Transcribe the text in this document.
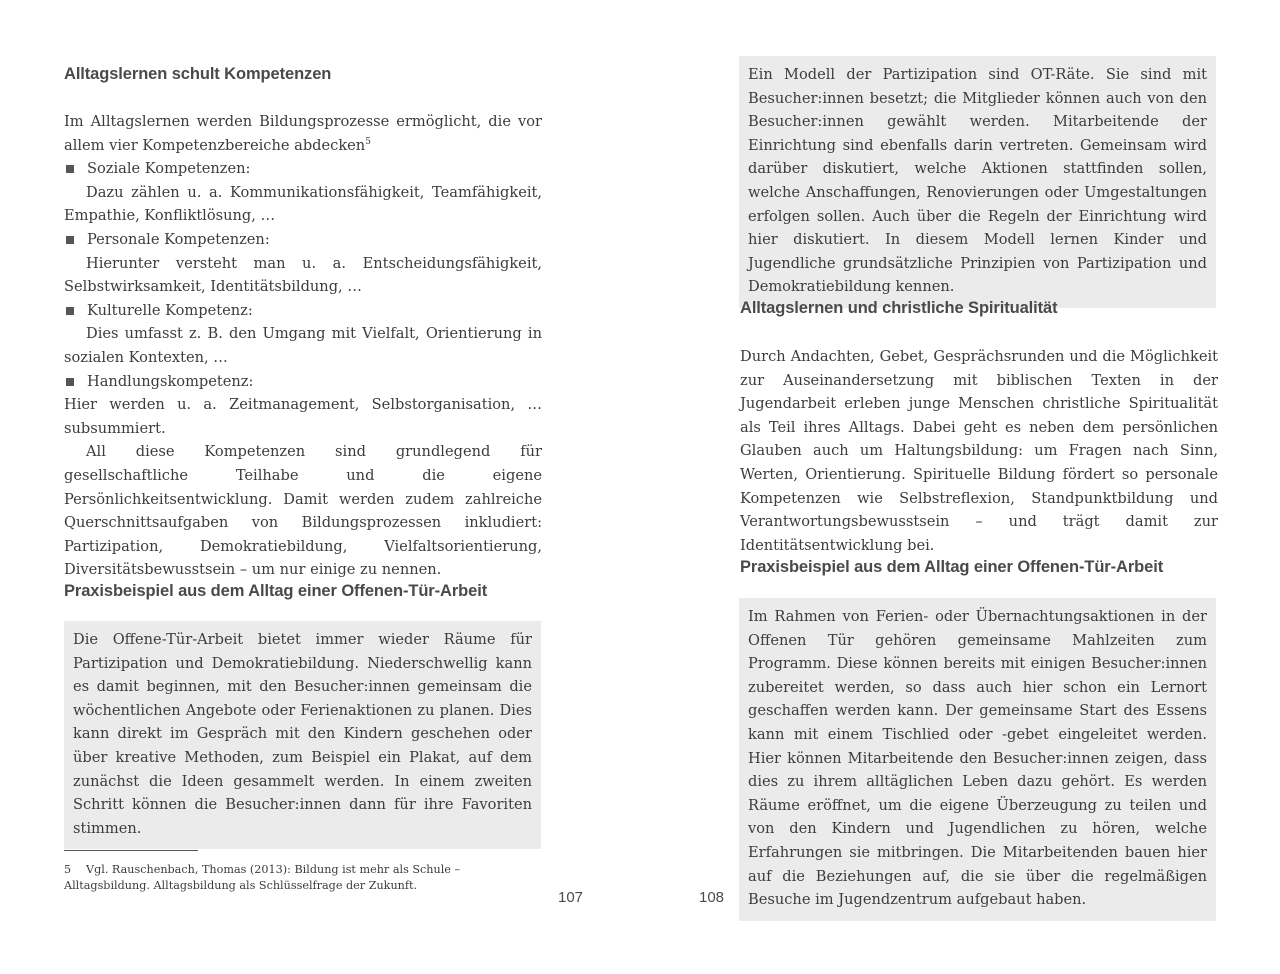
Alltagslernen schult Kompetenzen

Im Alltagslernen werden Bildungsprozesse ermöglicht, die vor allem vier Kompetenzbereiche abdecken$^5$

Soziale Kompetenzen:

Dazu zählen u. a. Kommunikationsfähigkeit, Teamfähigkeit, Empathie, Konfliktlösung, …

Personale Kompetenzen:

Hierunter versteht man u. a. Entscheidungsfähigkeit, Selbstwirksamkeit, Identitätsbildung, …

Kulturelle Kompetenz:

Dies umfasst z. B. den Umgang mit Vielfalt, Orientierung in sozialen Kontexten, …

Handlungskompetenz:

Hier werden u. a. Zeitmanagement, Selbstorganisation, … subsummiert.

All diese Kompetenzen sind grundlegend für gesellschaftliche Teilhabe und die eigene Persönlichkeitsentwicklung. Damit werden zudem zahlreiche Querschnittsaufgaben von Bildungsprozessen inkludiert: Partizipation, Demokratiebildung, Vielfaltsorientierung, Diversitätsbewusstsein – um nur einige zu nennen.

Praxisbeispiel aus dem Alltag einer Offenen-Tür-Arbeit
Die Offene-Tür-Arbeit bietet immer wieder Räume für Partizipation und Demokratiebildung. Niederschwellig kann es damit beginnen, mit den Besucher:innen gemeinsam die wöchentlichen Angebote oder Ferienaktionen zu planen. Dies kann direkt im Gespräch mit den Kindern geschehen oder über kreative Methoden, zum Beispiel ein Plakat, auf dem zunächst die Ideen gesammelt werden. In einem zweiten Schritt können die Besucher:innen dann für ihre Favoriten stimmen.
5 Vgl. Rauschenbach, Thomas (2013): Bildung ist mehr als Schule – Alltagsbildung. Alltagsbildung als Schlüsselfrage der Zukunft.
107
Ein Modell der Partizipation sind OT-Räte. Sie sind mit Besucher:innen besetzt; die Mitglieder können auch von den Besucher:innen gewählt werden. Mitarbeitende der Einrichtung sind ebenfalls darin vertreten. Gemeinsam wird darüber diskutiert, welche Aktionen stattfinden sollen, welche Anschaffungen, Renovierungen oder Umgestaltungen erfolgen sollen. Auch über die Regeln der Einrichtung wird hier diskutiert. In diesem Modell lernen Kinder und Jugendliche grundsätzliche Prinzipien von Partizipation und Demokratiebildung kennen.
Alltagslernen und christliche Spiritualität

Durch Andachten, Gebet, Gesprächsrunden und die Möglichkeit zur Auseinandersetzung mit biblischen Texten in der Jugendarbeit erleben junge Menschen christliche Spiritualität als Teil ihres Alltags. Dabei geht es neben dem persönlichen Glauben auch um Haltungsbildung: um Fragen nach Sinn, Werten, Orientierung. Spirituelle Bildung fördert so personale Kompetenzen wie Selbstreflexion, Standpunktbildung und Verantwortungsbewusstsein – und trägt damit zur Identitätsentwicklung bei.

Praxisbeispiel aus dem Alltag einer Offenen-Tür-Arbeit
Im Rahmen von Ferien- oder Übernachtungsaktionen in der Offenen Tür gehören gemeinsame Mahlzeiten zum Programm. Diese können bereits mit einigen Besucher:innen zubereitet werden, so dass auch hier schon ein Lernort geschaffen werden kann. Der gemeinsame Start des Essens kann mit einem Tischlied oder -gebet eingeleitet werden. Hier können Mitarbeitende den Besucher:innen zeigen, dass dies zu ihrem alltäglichen Leben dazu gehört. Es werden Räume eröffnet, um die eigene Überzeugung zu teilen und von den Kindern und Jugendlichen zu hören, welche Erfahrungen sie mitbringen. Die Mitarbeitenden bauen hier auf die Beziehungen auf, die sie über die regelmäßigen Besuche im Jugendzentrum aufgebaut haben.
108
